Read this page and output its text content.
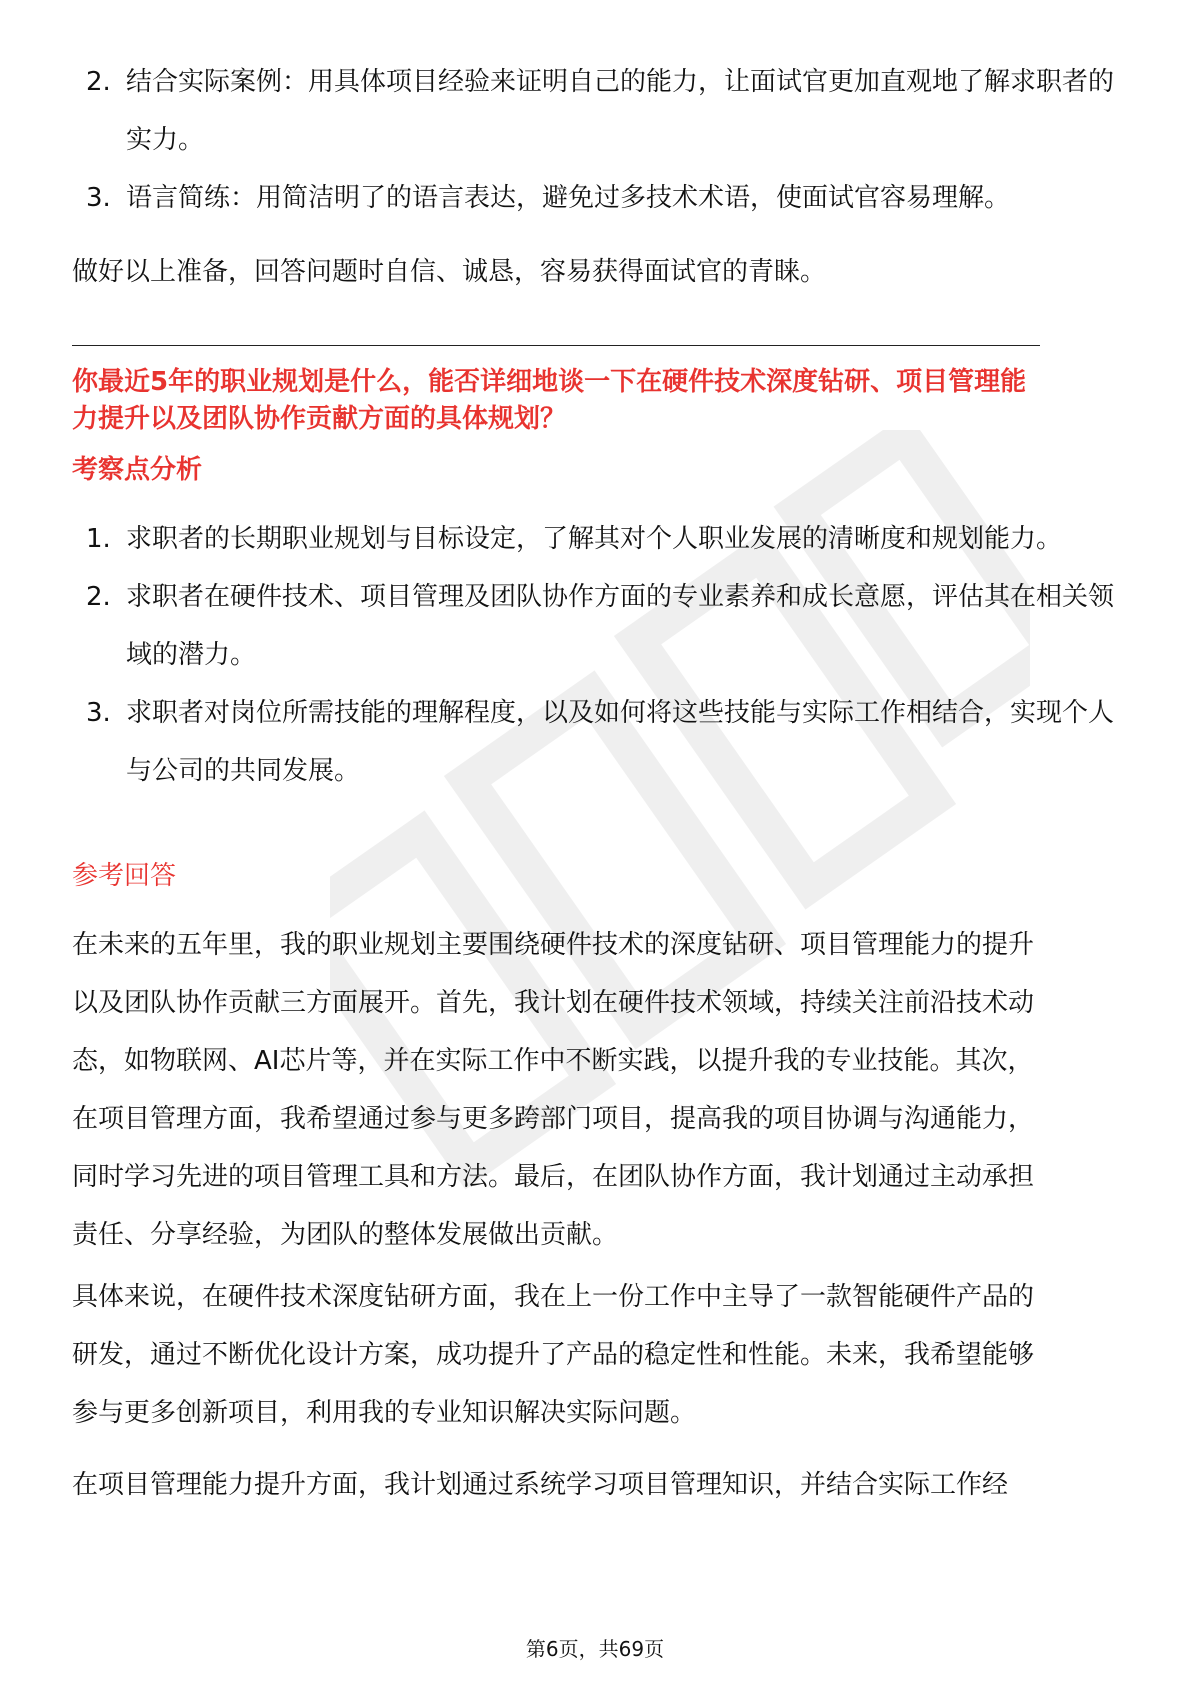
2. 结合实际案例：用具体项目经验来证明自己的能力，让面试官更加直观地了解求职者的实力。
3. 语言简练：用简洁明了的语言表达，避免过多技术术语，使面试官容易理解。

做好以上准备，回答问题时自信、诚恳，容易获得面试官的青睐。

你最近5年的职业规划是什么，能否详细地谈一下在硬件技术深度钻研、项目管理能力提升以及团队协作贡献方面的具体规划？

考察点分析

1. 求职者的长期职业规划与目标设定，了解其对个人职业发展的清晰度和规划能力。
2. 求职者在硬件技术、项目管理及团队协作方面的专业素养和成长意愿，评估其在相关领域的潜力。
3. 求职者对岗位所需技能的理解程度，以及如何将这些技能与实际工作相结合，实现个人与公司的共同发展。

参考回答

在未来的五年里，我的职业规划主要围绕硬件技术的深度钻研、项目管理能力的提升以及团队协作贡献三方面展开。首先，我计划在硬件技术领域，持续关注前沿技术动态，如物联网、AI芯片等，并在实际工作中不断实践，以提升我的专业技能。其次，在项目管理方面，我希望通过参与更多跨部门项目，提高我的项目协调与沟通能力，同时学习先进的项目管理工具和方法。最后，在团队协作方面，我计划通过主动承担责任、分享经验，为团队的整体发展做出贡献。

具体来说，在硬件技术深度钻研方面，我在上一份工作中主导了一款智能硬件产品的研发，通过不断优化设计方案，成功提升了产品的稳定性和性能。未来，我希望能够参与更多创新项目，利用我的专业知识解决实际问题。

在项目管理能力提升方面，我计划通过系统学习项目管理知识，并结合实际工作经

第6页，共69页
